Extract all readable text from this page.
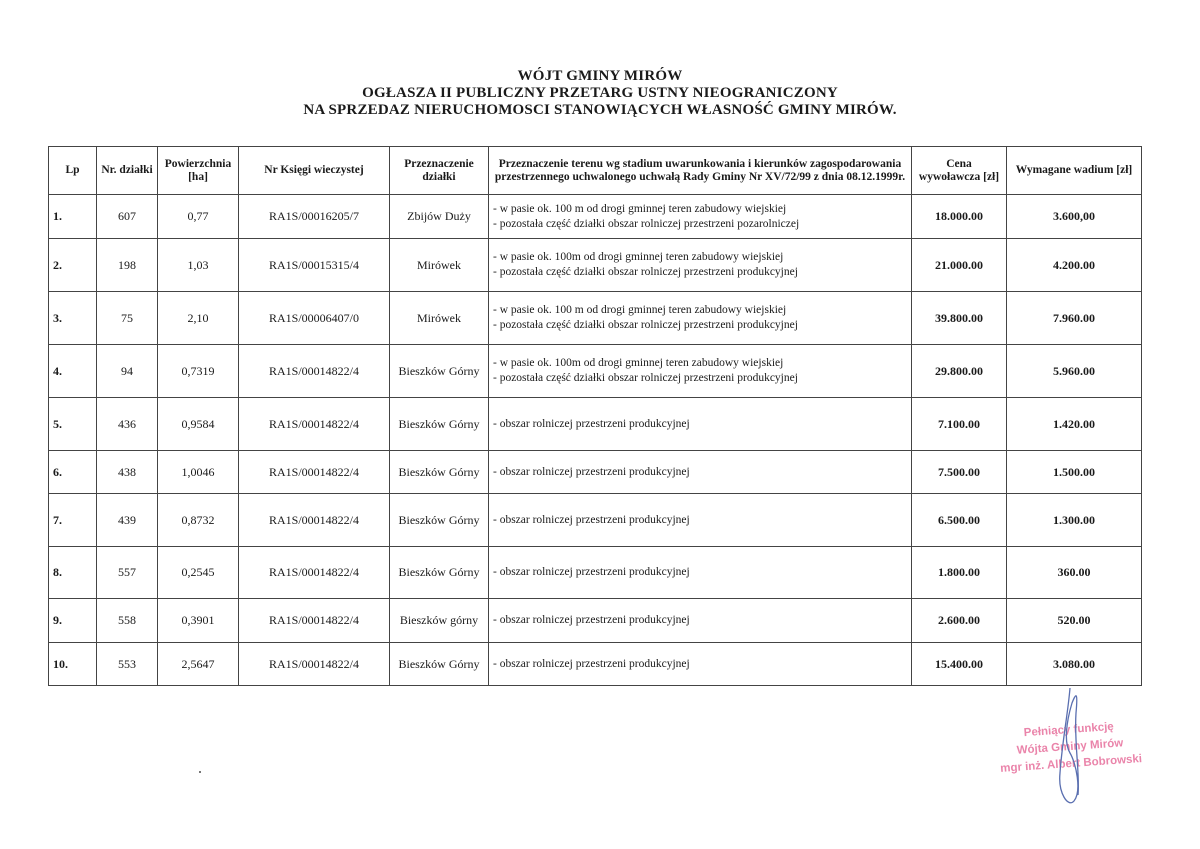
WÓJT GMINY MIRÓW
OGŁASZA II PUBLICZNY PRZETARG USTNY NIEOGRANICZONY
NA SPRZEDAZ NIERUCHOMOSCI STANOWIĄCYCH WŁASNOŚĆ GMINY MIRÓW.
Lp	Nr. działki	Powierzchnia [ha]	Nr Księgi wieczystej	Przeznaczenie działki	Przeznaczenie terenu wg stadium uwarunkowania i kierunków zagospodarowania przestrzennego uchwalonego uchwałą Rady Gminy Nr XV/72/99 z dnia 08.12.1999r.	Cena wywoławcza [zł]	Wymagane wadium [zł]
1.	607	0,77	RA1S/00016205/7	Zbijów Duży	- w pasie ok. 100 m od drogi gminnej teren zabudowy wiejskiej
- pozostała część działki obszar rolniczej przestrzeni pozarolniczej	18.000.00	3.600,00
2.	198	1,03	RA1S/00015315/4	Mirówek	- w pasie ok. 100m od drogi gminnej teren zabudowy wiejskiej
- pozostała część działki obszar rolniczej przestrzeni produkcyjnej	21.000.00	4.200.00
3.	75	2,10	RA1S/00006407/0	Mirówek	- w pasie ok. 100 m od drogi gminnej teren zabudowy wiejskiej
- pozostała część działki obszar rolniczej przestrzeni produkcyjnej	39.800.00	7.960.00
4.	94	0,7319	RA1S/00014822/4	Bieszków Górny	- w pasie ok. 100m od drogi gminnej teren zabudowy wiejskiej
- pozostała część działki obszar rolniczej przestrzeni produkcyjnej	29.800.00	5.960.00
5.	436	0,9584	RA1S/00014822/4	Bieszków Górny	- obszar rolniczej przestrzeni produkcyjnej	7.100.00	1.420.00
6.	438	1,0046	RA1S/00014822/4	Bieszków Górny	- obszar rolniczej przestrzeni produkcyjnej	7.500.00	1.500.00
7.	439	0,8732	RA1S/00014822/4	Bieszków Górny	- obszar rolniczej przestrzeni produkcyjnej	6.500.00	1.300.00
8.	557	0,2545	RA1S/00014822/4	Bieszków Górny	- obszar rolniczej przestrzeni produkcyjnej	1.800.00	360.00
9.	558	0,3901	RA1S/00014822/4	Bieszków górny	- obszar rolniczej przestrzeni produkcyjnej	2.600.00	520.00
10.	553	2,5647	RA1S/00014822/4	Bieszków Górny	- obszar rolniczej przestrzeni produkcyjnej	15.400.00	3.080.00
Pełniący funkcję
Wójta Gminy Mirów
mgr inż. Albert Bobrowski
